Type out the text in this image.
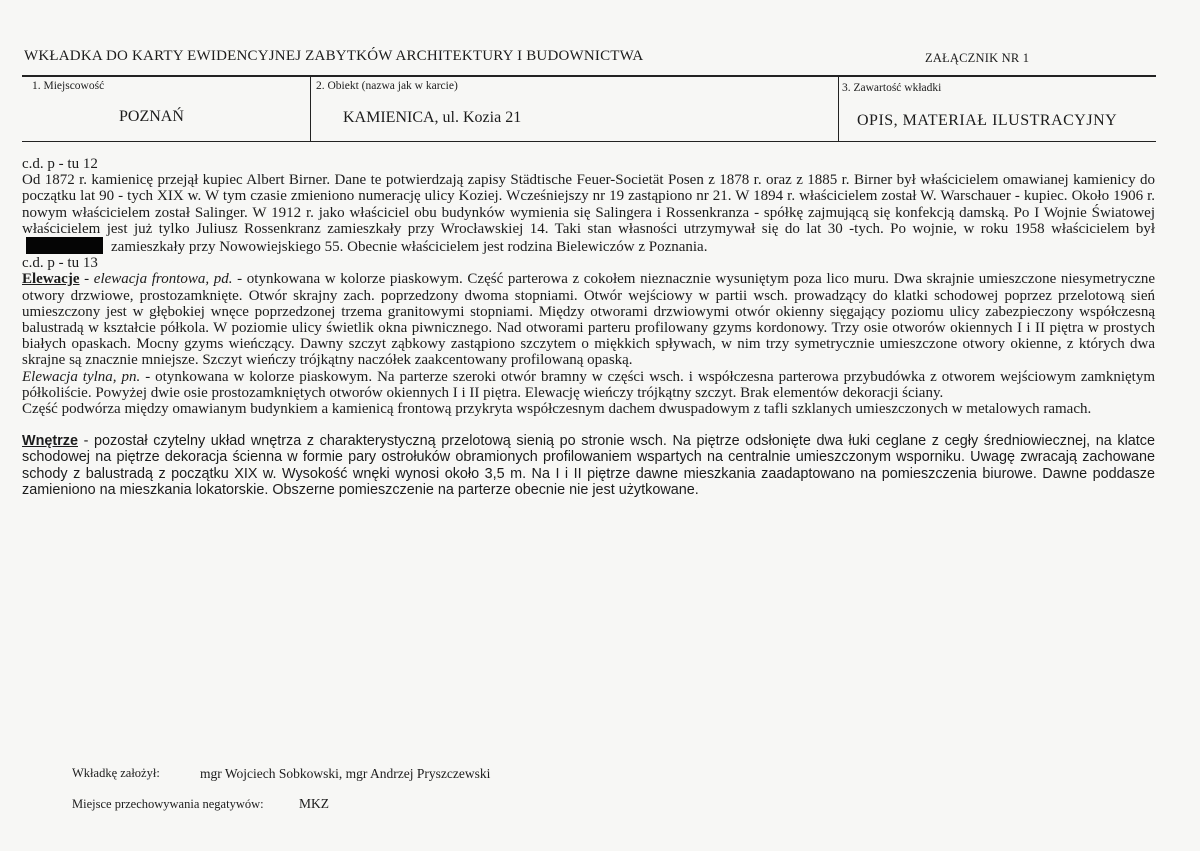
WKŁADKA DO KARTY EWIDENCYJNEJ ZABYTKÓW ARCHITEKTURY I BUDOWNICTWA	ZAŁĄCZNIK NR 1
1. Miejscowość
POZNAŃ
2. Obiekt (nazwa jak w karcie)
KAMIENICA, ul. Kozia 21
3. Zawartość wkładki
OPIS, MATERIAŁ ILUSTRACYJNY

c.d. p - tu 12

Od 1872 r. kamienicę przejął kupiec Albert Birner. Dane te potwierdzają zapisy Städtische Feuer-Societät Posen z 1878 r. oraz z 1885 r. Birner był właścicielem omawianej kamienicy do początku lat 90 - tych XIX w. W tym czasie zmieniono numerację ulicy Koziej. Wcześniejszy nr 19 zastąpiono nr 21. W 1894 r. właścicielem został W. Warschauer - kupiec. Około 1906 r. nowym właścicielem został Salinger. W 1912 r. jako właściciel obu budynków wymienia się Salingera i Rossenkranza - spółkę zajmującą się konfekcją damską. Po I Wojnie Światowej właścicielem jest już tylko Juliusz Rossenkranz zamieszkały przy Wrocławskiej 14. Taki stan własności utrzymywał się do lat 30 -tych. Po wojnie, w roku 1958 właścicielem byłzamieszkały przy Nowowiejskiego 55. Obecnie właścicielem jest rodzina Bielewiczów z Poznania.

c.d. p - tu 13

Elewacje - elewacja frontowa, pd. - otynkowana w kolorze piaskowym. Część parterowa z cokołem nieznacznie wysuniętym poza lico muru. Dwa skrajnie umieszczone niesymetryczne otwory drzwiowe, prostozamknięte. Otwór skrajny zach. poprzedzony dwoma stopniami. Otwór wejściowy w partii wsch. prowadzący do klatki schodowej poprzez przelotową sień umieszczony jest w głębokiej wnęce poprzedzonej trzema granitowymi stopniami. Między otworami drzwiowymi otwór okienny sięgający poziomu ulicy zabezpieczony współczesną balustradą w kształcie półkola. W poziomie ulicy świetlik okna piwnicznego. Nad otworami parteru profilowany gzyms kordonowy. Trzy osie otworów okiennych I i II piętra w prostych białych opaskach. Mocny gzyms wieńczący. Dawny szczyt ząbkowy zastąpiono szczytem o miękkich spływach, w nim trzy symetrycznie umieszczone otwory okienne, z których dwa skrajne są znacznie mniejsze. Szczyt wieńczy trójkątny naczółek zaakcentowany profilowaną opaską.

Elewacja tylna, pn. - otynkowana w kolorze piaskowym. Na parterze szeroki otwór bramny w części wsch. i współczesna parterowa przybudówka z otworem wejściowym zamkniętym półkoliście. Powyżej dwie osie prostozamkniętych otworów okiennych I i II piętra. Elewację wieńczy trójkątny szczyt. Brak elementów dekoracji ściany.

Część podwórza między omawianym budynkiem a kamienicą frontową przykryta współczesnym dachem dwuspadowym z tafli szklanych umieszczonych w metalowych ramach.

Wnętrze - pozostał czytelny układ wnętrza z charakterystyczną przelotową sienią po stronie wsch. Na piętrze odsłonięte dwa łuki ceglane z cegły średniowiecznej, na klatce schodowej na piętrze dekoracja ścienna w formie pary ostrołuków obramionych profilowaniem wspartych na centralnie umieszczonym wsporniku. Uwagę zwracają zachowane schody z balustradą z początku XIX w. Wysokość wnęki wynosi około 3,5 m. Na I i II piętrze dawne mieszkania zaadaptowano na pomieszczenia biurowe. Dawne poddasze zamieniono na mieszkania lokatorskie. Obszerne pomieszczenie na parterze obecnie nie jest użytkowane.

Wkładkę założył:	mgr Wojciech Sobkowski, mgr Andrzej Pryszczewski
Miejsce przechowywania negatywów:	MKZ
